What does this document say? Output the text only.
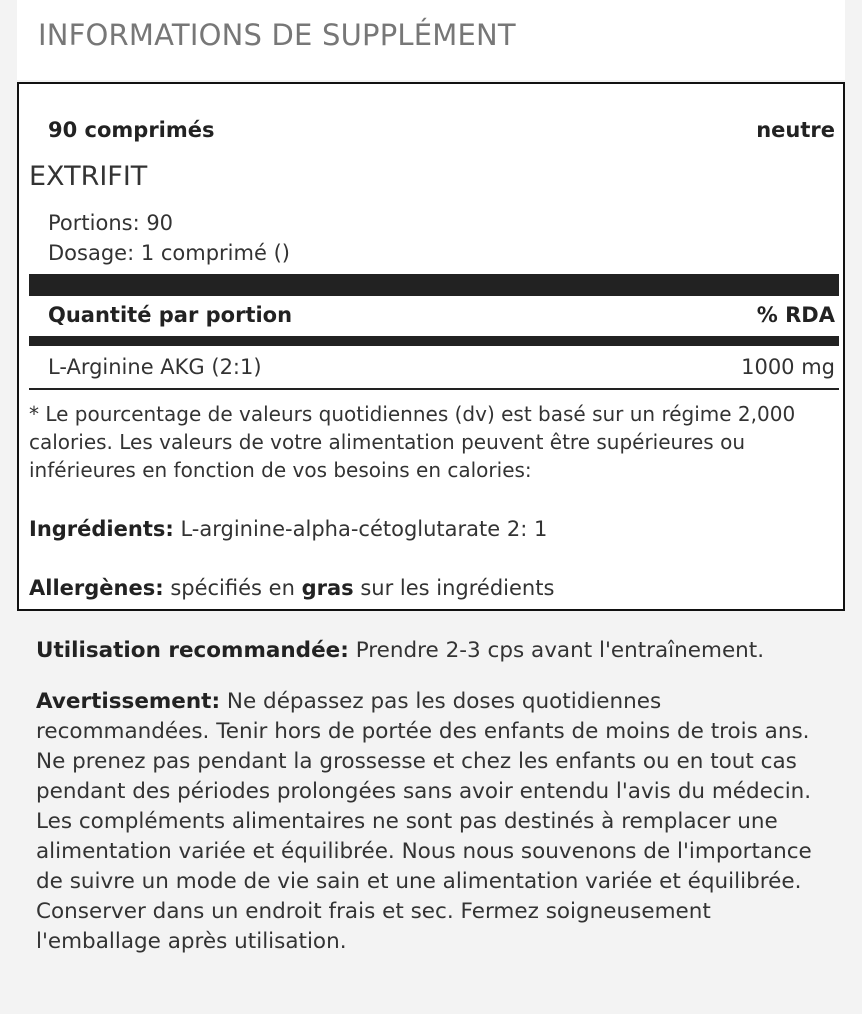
INFORMATIONS DE SUPPLÉMENT
90 comprimés	neutre
EXTRIFIT
Portions: 90
Dosage: 1 comprimé ()
Quantité par portion	% RDA
L-Arginine AKG (2:1)	1000 mg
* Le pourcentage de valeurs quotidiennes (dv) est basé sur un régime 2,000 calories. Les valeurs de votre alimentation peuvent être supérieures ou inférieures en fonction de vos besoins en calories:
Ingrédients: L-arginine-alpha-cétoglutarate 2: 1
Allergènes: spécifiés en gras sur les ingrédients
Utilisation recommandée: Prendre 2-3 cps avant l'entraînement.
Avertissement: Ne dépassez pas les doses quotidiennes recommandées. Tenir hors de portée des enfants de moins de trois ans. Ne prenez pas pendant la grossesse et chez les enfants ou en tout cas pendant des périodes prolongées sans avoir entendu l'avis du médecin. Les compléments alimentaires ne sont pas destinés à remplacer une alimentation variée et équilibrée. Nous nous souvenons de l'importance de suivre un mode de vie sain et une alimentation variée et équilibrée. Conserver dans un endroit frais et sec. Fermez soigneusement l'emballage après utilisation.
